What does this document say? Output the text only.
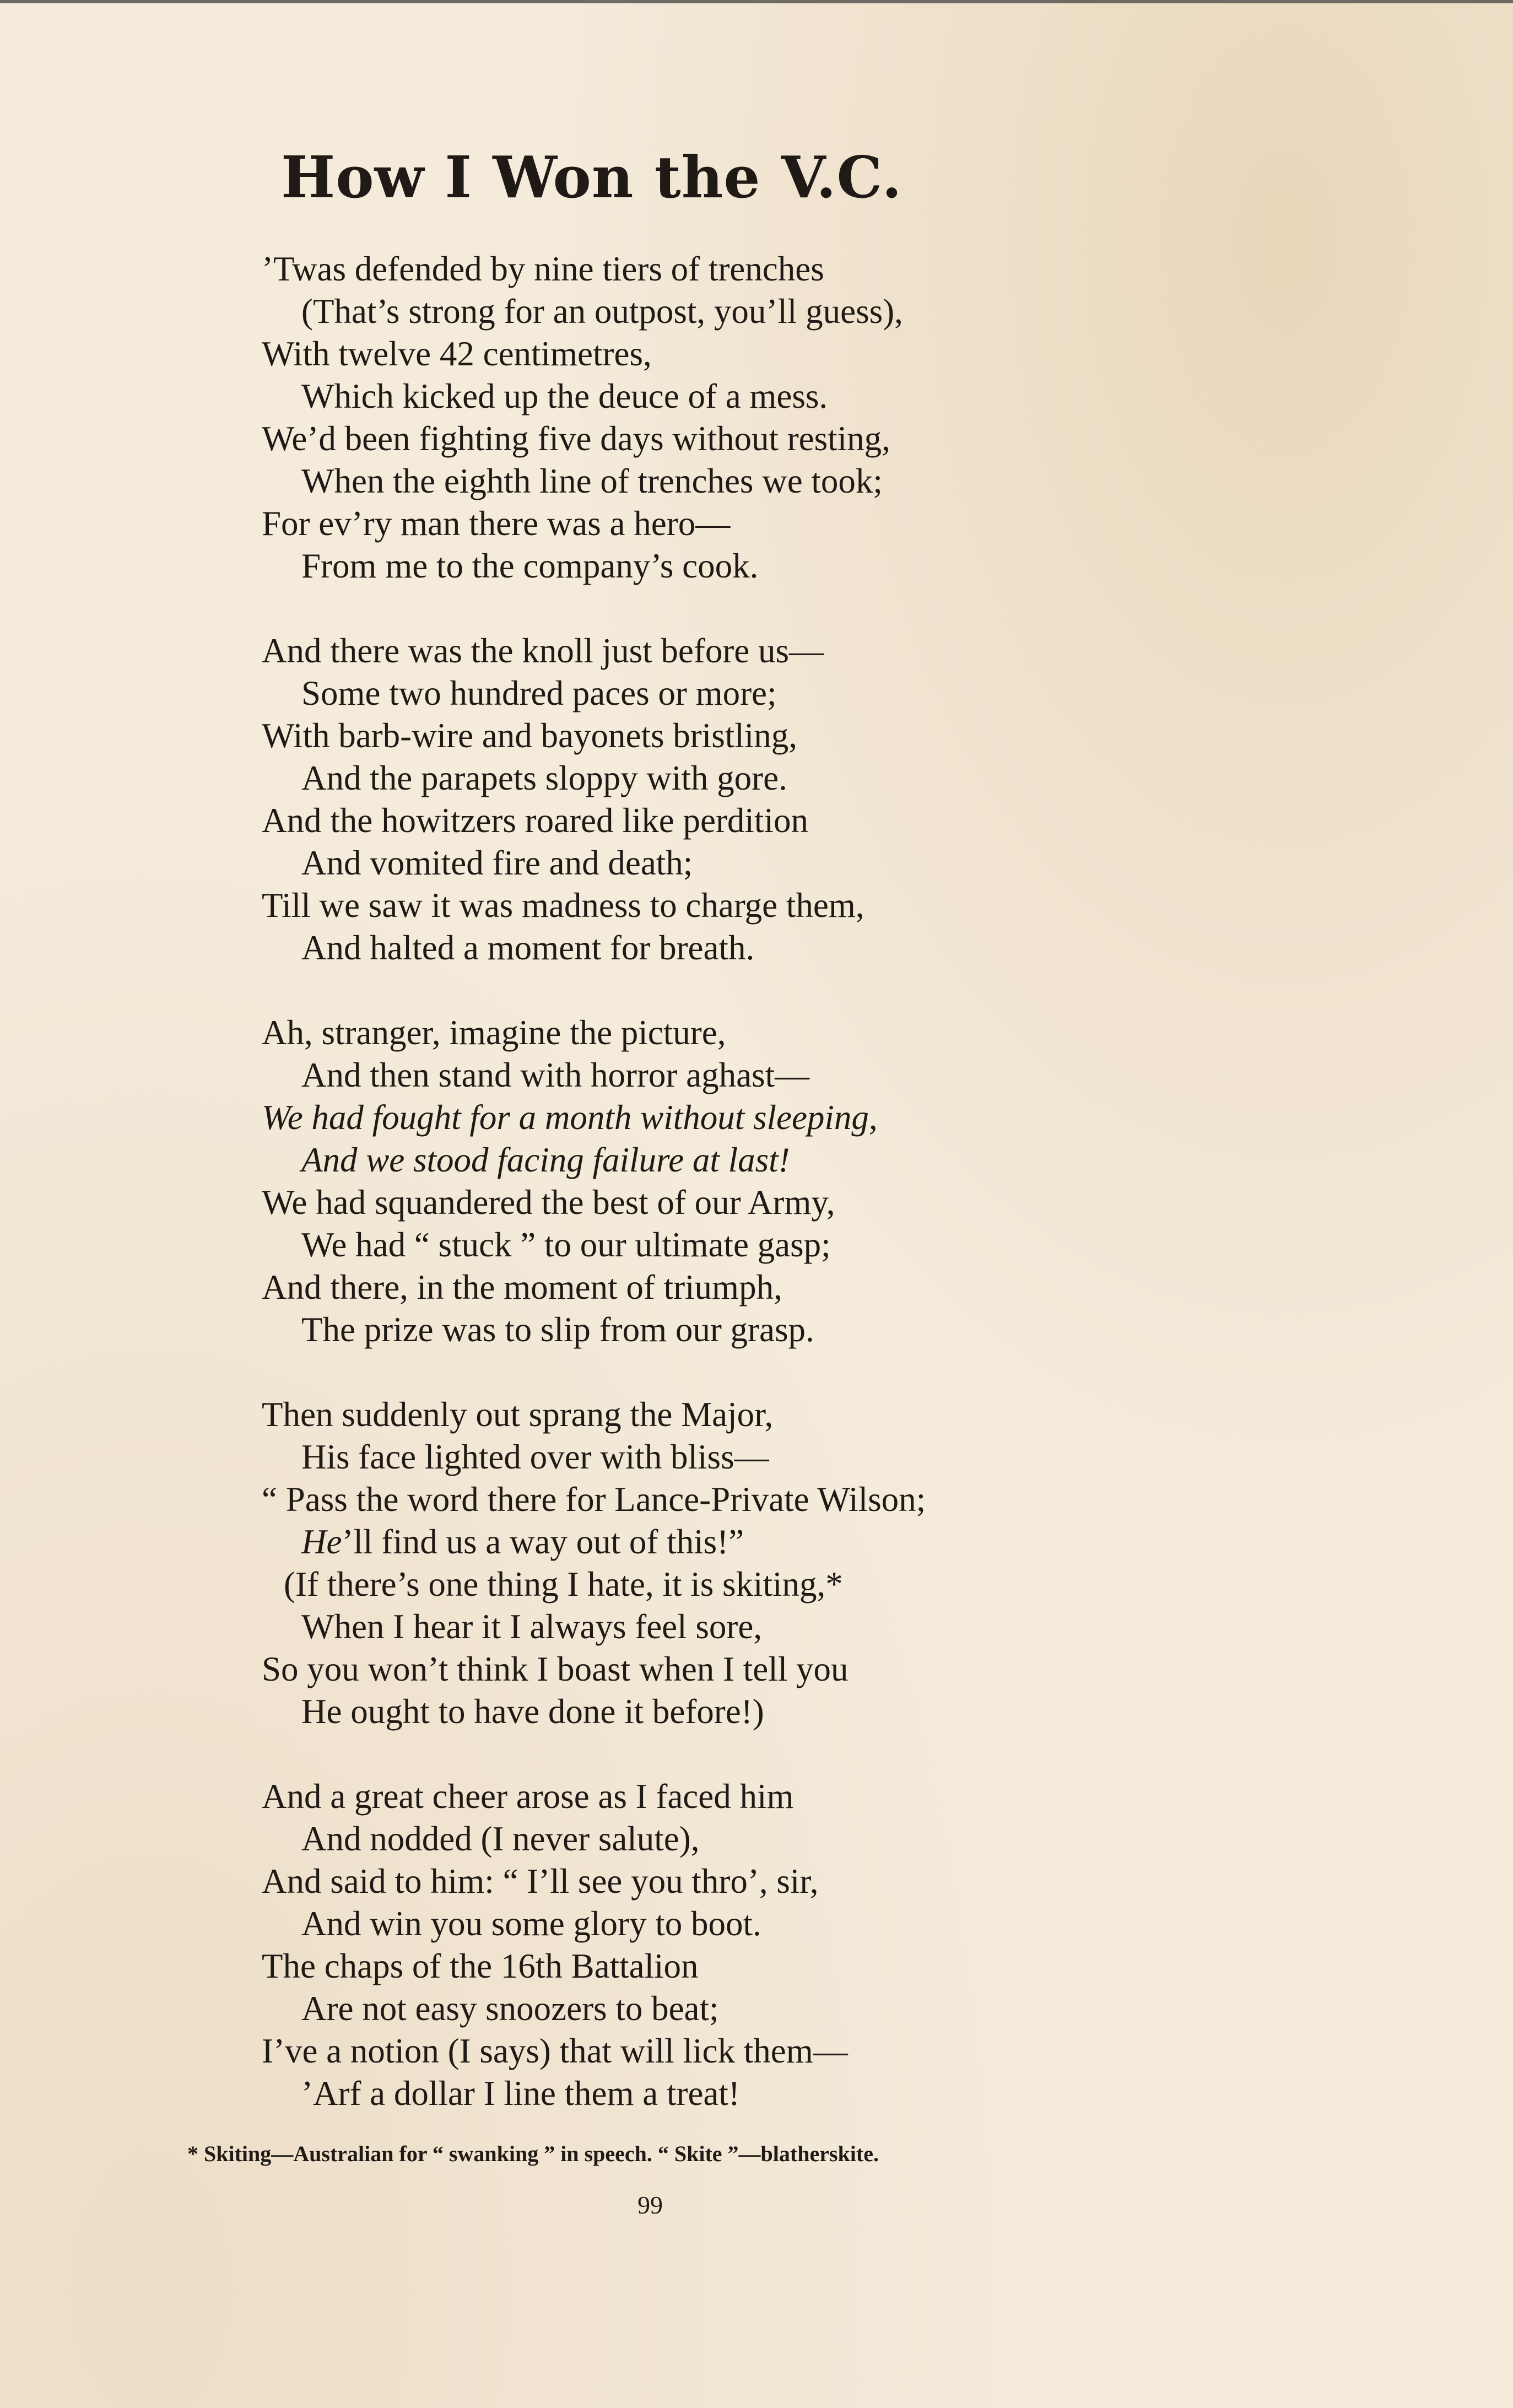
How I Won the V.C.
’Twas defended by nine tiers of trenches
(That’s strong for an outpost, you’ll guess),
With twelve 42 centimetres,
Which kicked up the deuce of a mess.
We’d been fighting five days without resting,
When the eighth line of trenches we took;
For ev’ry man there was a hero—
From me to the company’s cook.
And there was the knoll just before us—
Some two hundred paces or more;
With barb-wire and bayonets bristling,
And the parapets sloppy with gore.
And the howitzers roared like perdition
And vomited fire and death;
Till we saw it was madness to charge them,
And halted a moment for breath.
Ah, stranger, imagine the picture,
And then stand with horror aghast—
We had fought for a month without sleeping,
And we stood facing failure at last!
We had squandered the best of our Army,
We had “ stuck ” to our ultimate gasp;
And there, in the moment of triumph,
The prize was to slip from our grasp.
Then suddenly out sprang the Major,
His face lighted over with bliss—
“ Pass the word there for Lance-Private Wilson;
He’ll find us a way out of this!”
(If there’s one thing I hate, it is skiting,*
When I hear it I always feel sore,
So you won’t think I boast when I tell you
He ought to have done it before!)
And a great cheer arose as I faced him
And nodded (I never salute),
And said to him: “ I’ll see you thro’, sir,
And win you some glory to boot.
The chaps of the 16th Battalion
Are not easy snoozers to beat;
I’ve a notion (I says) that will lick them—
’Arf a dollar I line them a treat!
* Skiting—Australian for “ swanking ” in speech. “ Skite ”—blatherskite.
99
